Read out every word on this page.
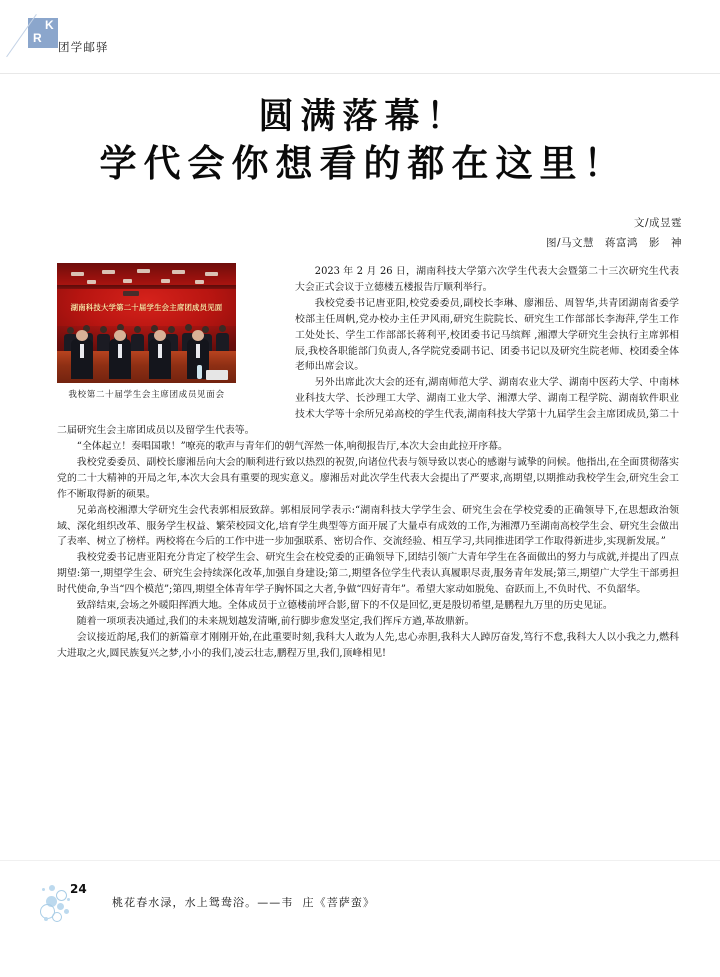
K
R
团学邮驿
圆满落幕！
学代会你想看的都在这里！
文/成昱霆
图/马文慧　蒋富鸿　影　神

2023 年 2 月 26 日，湖南科技大学第六次学生代表大会暨第二十三次研究生代表大会正式会议于立德楼五楼报告厅顺利举行。

我校党委书记唐亚阳,校党委委员,副校长李琳、廖湘岳、周智华,共青团湖南省委学校部主任周帆,党办校办主任尹风雨,研究生院院长、研究生工作部部长李海萍,学生工作工处处长、学生工作部部长蒋利平,校团委书记马缤辉 ,湘潭大学研究生会执行主席郭相辰,我校各职能部门负责人,各学院党委副书记、团委书记以及研究生院老师、校团委全体老师出席会议。

另外出席此次大会的还有,湖南师范大学、湖南农业大学、湖南中医药大学、中南林业科技大学、长沙理工大学、湖南工业大学、湘潭大学、湖南工程学院、湖南软件职业技术大学等十余所兄弟高校的学生代表,湖南科技大学第十九届学生会主席团成员,第二十二届研究生会主席团成员以及留学生代表等。

“全体起立！奏唱国歌！”嘹亮的歌声与青年们的朝气浑然一体,响彻报告厅,本次大会由此拉开序幕。

我校党委委员、副校长廖湘岳向大会的顺利进行致以热烈的祝贺,向诸位代表与领导致以衷心的感谢与诚挚的问候。他指出,在全面贯彻落实党的二十大精神的开局之年,本次大会具有重要的现实意义。廖湘岳对此次学生代表大会提出了严要求,高期望,以期推动我校学生会,研究生会工作不断取得新的硕果。

兄弟高校湘潭大学研究生会代表郭相辰致辞。郭相辰同学表示:“湖南科技大学学生会、研究生会在学校党委的正确领导下,在思想政治领域、深化组织改革、服务学生权益、繁荣校园文化,培育学生典型等方面开展了大量卓有成效的工作,为湘潭乃至湖南高校学生会、研究生会做出了表率、树立了榜样。两校将在今后的工作中进一步加强联系、密切合作、交流经验、相互学习,共同推进团学工作取得新进步,实现新发展。”

我校党委书记唐亚阳充分肯定了校学生会、研究生会在校党委的正确领导下,团结引领广大青年学生在各面做出的努力与成就,并提出了四点期望:第一,期望学生会、研究生会持续深化改革,加强自身建设;第二,期望各位学生代表认真履职尽责,服务青年发展;第三,期望广大学生干部勇担时代使命,争当“四个模范”;第四,期望全体青年学子胸怀国之大者,争做“四好青年”。希望大家动如脱兔、奋跃而上,不负时代、不负韶华。

致辞结束,会场之外暖阳挥洒大地。全体成员于立德楼前坪合影,留下的不仅是回忆,更是殷切希望,是鹏程九万里的历史见证。

随着一项项表决通过,我们的未来规划越发清晰,前行脚步愈发坚定,我们挥斥方遒,革故鼎新。

会议接近韵尾,我们的新篇章才刚刚开始,在此重要时刻,我科大人敢为人先,忠心赤胆,我科大人踔厉奋发,笃行不怠,我科大人以小我之力,燃科大进取之火,圆民族复兴之梦,小小的我们,凌云壮志,鹏程万里,我们,顶峰相见!

湖南科技大学第二十届学生会主席团成员见面
我校第二十届学生会主席团成员见面会
24
桃花春水渌，水上鸳鸯浴。——韦 庄《菩萨蛮》
